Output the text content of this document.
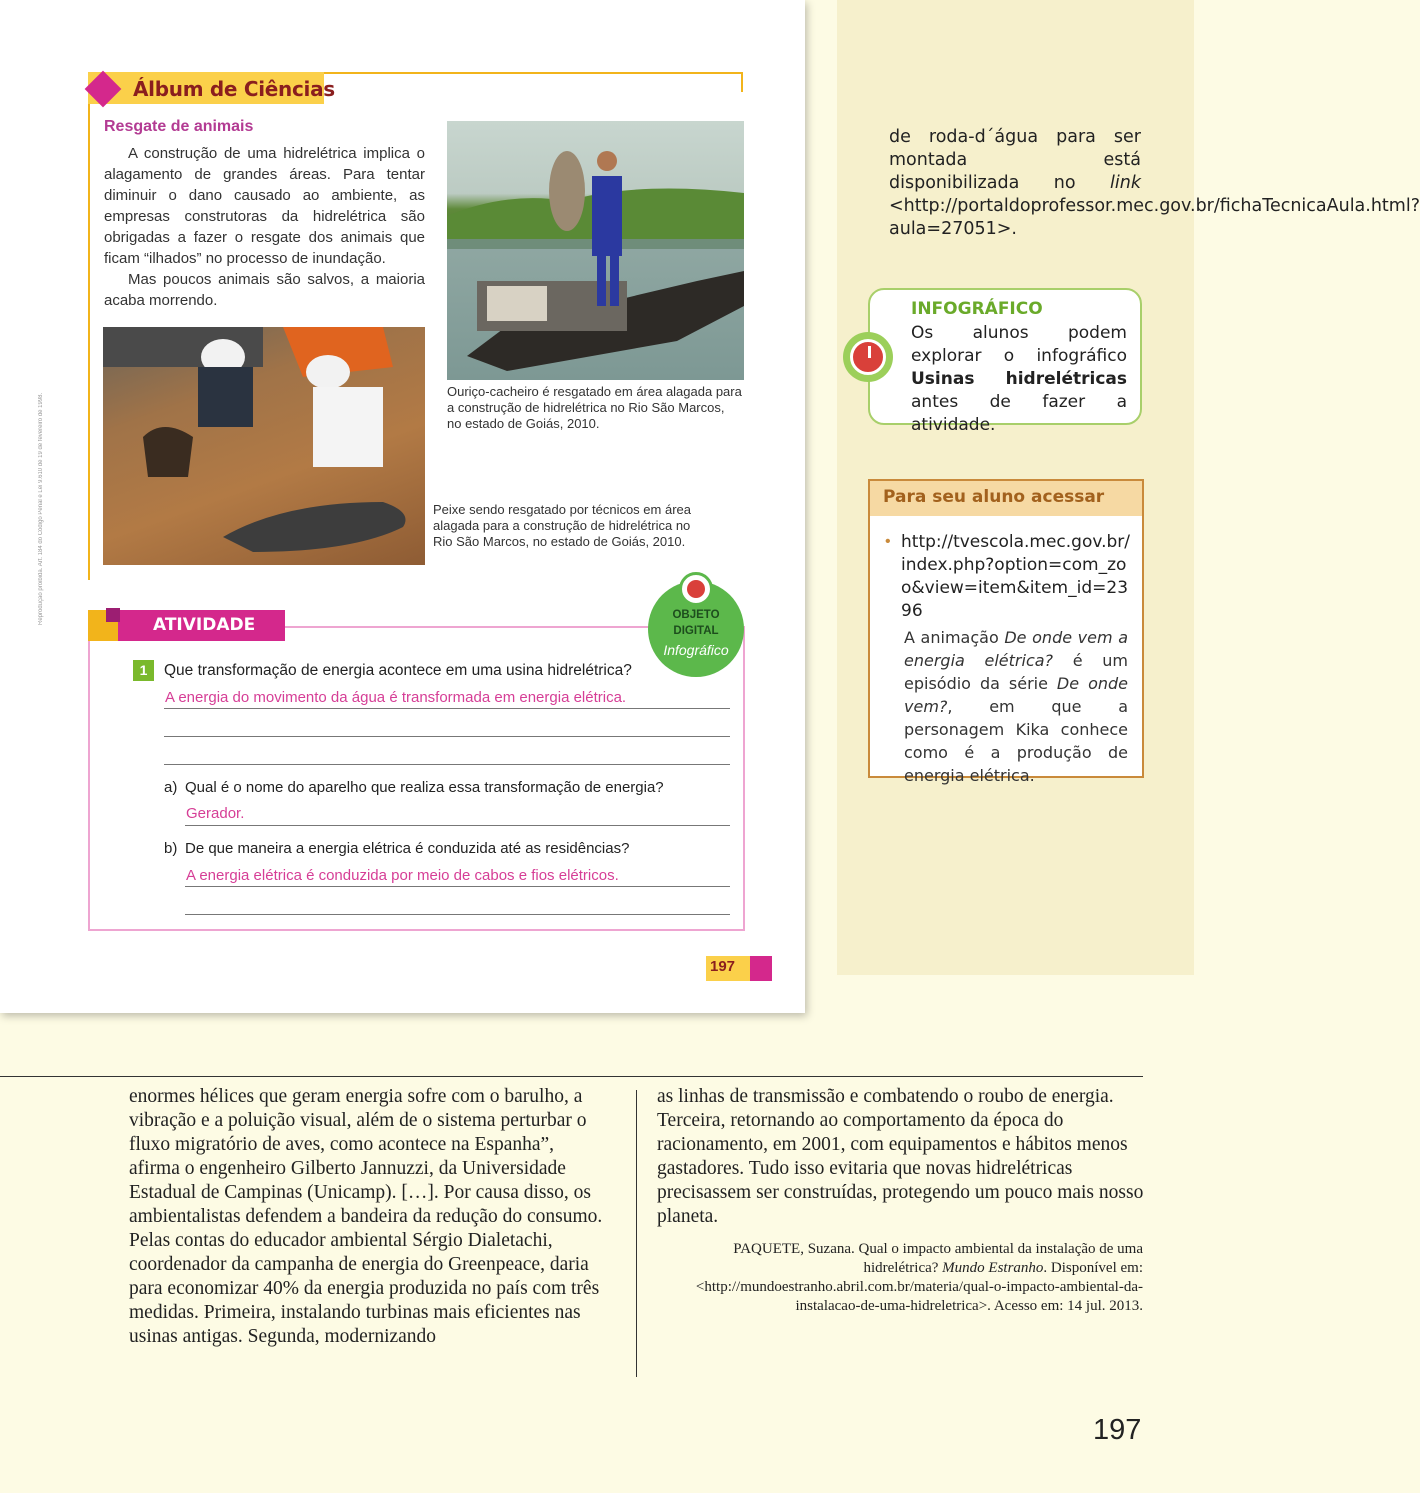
Álbum de Ciências
Resgate de animais

A construção de uma hidrelétrica implica o alagamento de grandes áreas. Para tentar diminuir o dano causado ao ambiente, as empresas construtoras da hidrelétrica são obrigadas a fazer o resgate dos animais que ficam “ilhados” no processo de inundação.

Mas poucos animais são salvos, a maioria acaba morrendo.

Ouriço-cacheiro é resgatado em área alagada para a construção de hidrelétrica no Rio São Marcos, no estado de Goiás, 2010.
Peixe sendo resgatado por técnicos em área alagada para a construção de hidrelétrica no Rio São Marcos, no estado de Goiás, 2010.
Reprodução proibida. Art. 184 do Código Penal e Lei 9.610 de 19 de fevereiro de 1998.	ATIVIDADE
1	Que transformação de energia acontece em uma usina hidrelétrica?
A energia do movimento da água é transformada em energia elétrica.
a) Qual é o nome do aparelho que realiza essa transformação de energia?
Gerador.
b) De que maneira a energia elétrica é conduzida até as residências?
A energia elétrica é conduzida por meio de cabos e fios elétricos.
OBJETO
DIGITAL
Infográfico
197
de roda-d´água para ser montada está disponibilizada no link <http://portaldoprofessor.mec.gov.br/fichaTecnicaAula.html?aula=27051>.
INFOGRÁFICO
Os alunos podem explorar o infográfico Usinas hidrelétricas antes de fazer a atividade.
Para seu aluno acessar
• http://tvescola.mec.gov.br/index.php?option=com_zoo&view=item&item_id=2396
A animação De onde vem a energia elétrica? é um episódio da série De onde vem?, em que a personagem Kika conhece como é a produção de energia elétrica.
enormes hélices que geram energia sofre com o barulho, a vibração e a poluição visual, além de o sistema perturbar o fluxo migratório de aves, como acontece na Espanha”, afirma o engenheiro Gilberto Jannuzzi, da Universidade Estadual de Campinas (Unicamp). […]. Por causa disso, os ambientalistas defendem a bandeira da redução do consumo. Pelas contas do educador ambiental Sérgio Dialetachi, coordenador da campanha de energia do Greenpeace, daria para economizar 40% da energia produzida no país com três medidas. Primeira, instalando turbinas mais eficientes nas usinas antigas. Segunda, modernizando
as linhas de transmissão e combatendo o roubo de energia. Terceira, retornando ao comportamento da época do racionamento, em 2001, com equipamentos e hábitos menos gastadores. Tudo isso evitaria que novas hidrelétricas precisassem ser construídas, protegendo um pouco mais nosso planeta.
PAQUETE, Suzana. Qual o impacto ambiental da instalação de uma hidrelétrica? Mundo Estranho. Disponível em: <http://mundoestranho.abril.com.br/materia/qual-o-impacto-ambiental-da-instalacao-de-uma-hidreletrica>. Acesso em: 14 jul. 2013.
197
